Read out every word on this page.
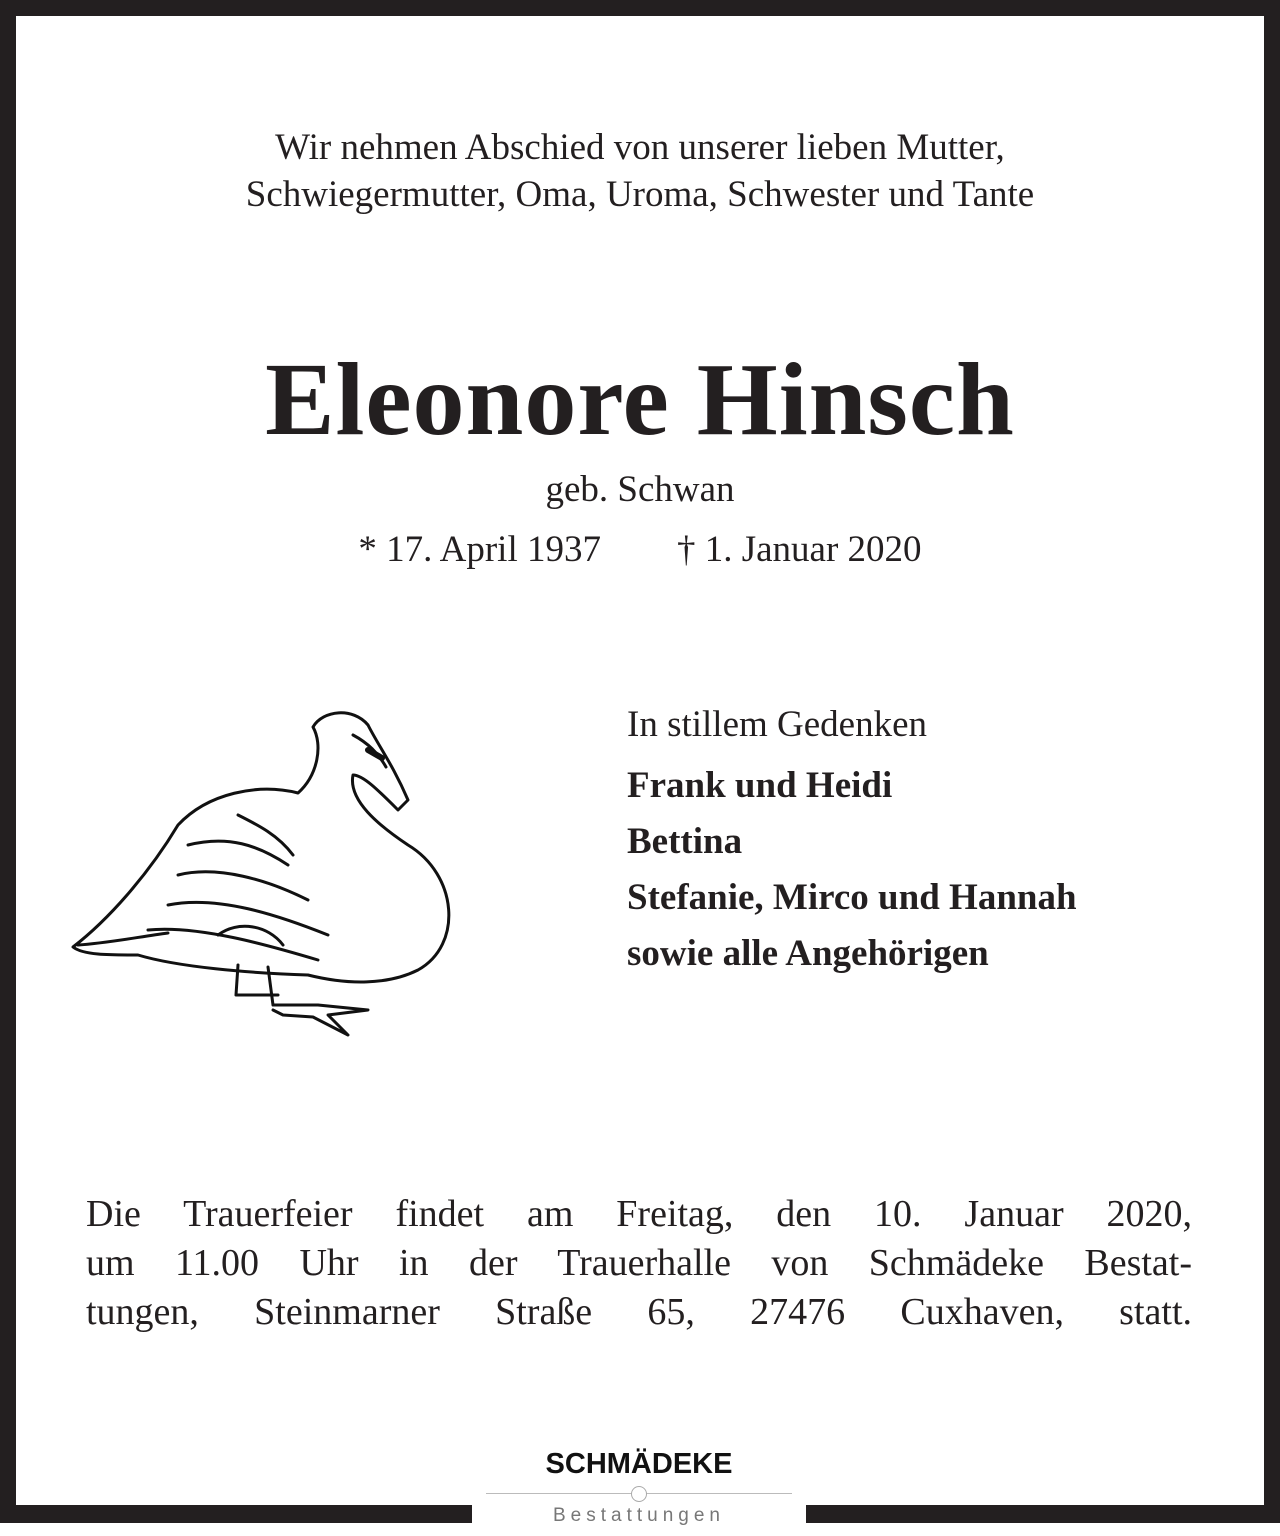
Wir nehmen Abschied von unserer lieben Mutter,
Schwiegermutter, Oma, Uroma, Schwester und Tante
Eleonore Hinsch
geb. Schwan
* 17. April 1937 † 1. Januar 2020
In stillem Gedenken
Frank und Heidi
Bettina
Stefanie, Mirco und Hannah
sowie alle Angehörigen
Die Trauerfeier findet am Freitag, den 10. Januar 2020,
um 11.00 Uhr in der Trauerhalle von Schmädeke Bestat-
tungen, Steinmarner Straße 65, 27476 Cuxhaven, statt.
SCHMÄDEKE
Bestattungen
